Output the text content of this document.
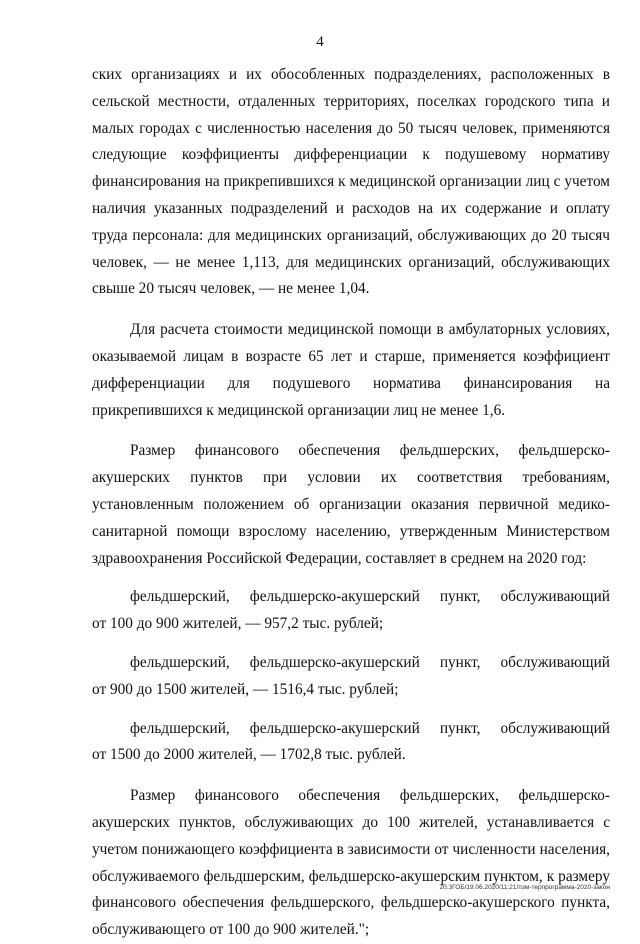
4

ских организациях и их обособленных подразделениях, расположенных в сельской местности, отдаленных территориях, поселках городского типа и малых городах с численностью населения до 50 тысяч человек, применяются следующие коэффициенты дифференциации к подушевому нормативу финансирования на прикрепившихся к медицинской организации лиц с учетом наличия указанных подразделений и расходов на их содержание и оплату труда персонала: для медицинских организаций, обслуживающих до 20 тысяч человек, — не менее 1,113, для медицинских организаций, обслуживающих свыше 20 тысяч человек, — не менее 1,04.

Для расчета стоимости медицинской помощи в амбулаторных условиях, оказываемой лицам в возрасте 65 лет и старше, применяется коэффициент дифференциации для подушевого норматива финансирования на прикрепившихся к медицинской организации лиц не менее 1,6.

Размер финансового обеспечения фельдшерских, фельдшерско-акушерских пунктов при условии их соответствия требованиям, установленным положением об организации оказания первичной медико-санитарной помощи взрослому населению, утвержденным Министерством здравоохранения Российской Федерации, составляет в среднем на 2020 год:

фельдшерский, фельдшерско-акушерский пункт, обслуживающий
от 100 до 900 жителей, — 957,2 тыс. рублей;
фельдшерский, фельдшерско-акушерский пункт, обслуживающий
от 900 до 1500 жителей, — 1516,4 тыс. рублей;
фельдшерский, фельдшерско-акушерский пункт, обслуживающий
от 1500 до 2000 жителей, — 1702,8 тыс. рублей.

Размер финансового обеспечения фельдшерских, фельдшерско-акушерских пунктов, обслуживающих до 100 жителей, устанавливается с учетом понижающего коэффициента в зависимости от численности населения, обслуживаемого фельдшерским, фельдшерско-акушерским пунктом, к размеру финансового обеспечения фельдшерского, фельдшерско-акушерского пункта, обслуживающего от 100 до 900 жителей.";

20.3ГОБ/19.06.2020/11:21/пзм-терпрограмма-2020-закон
